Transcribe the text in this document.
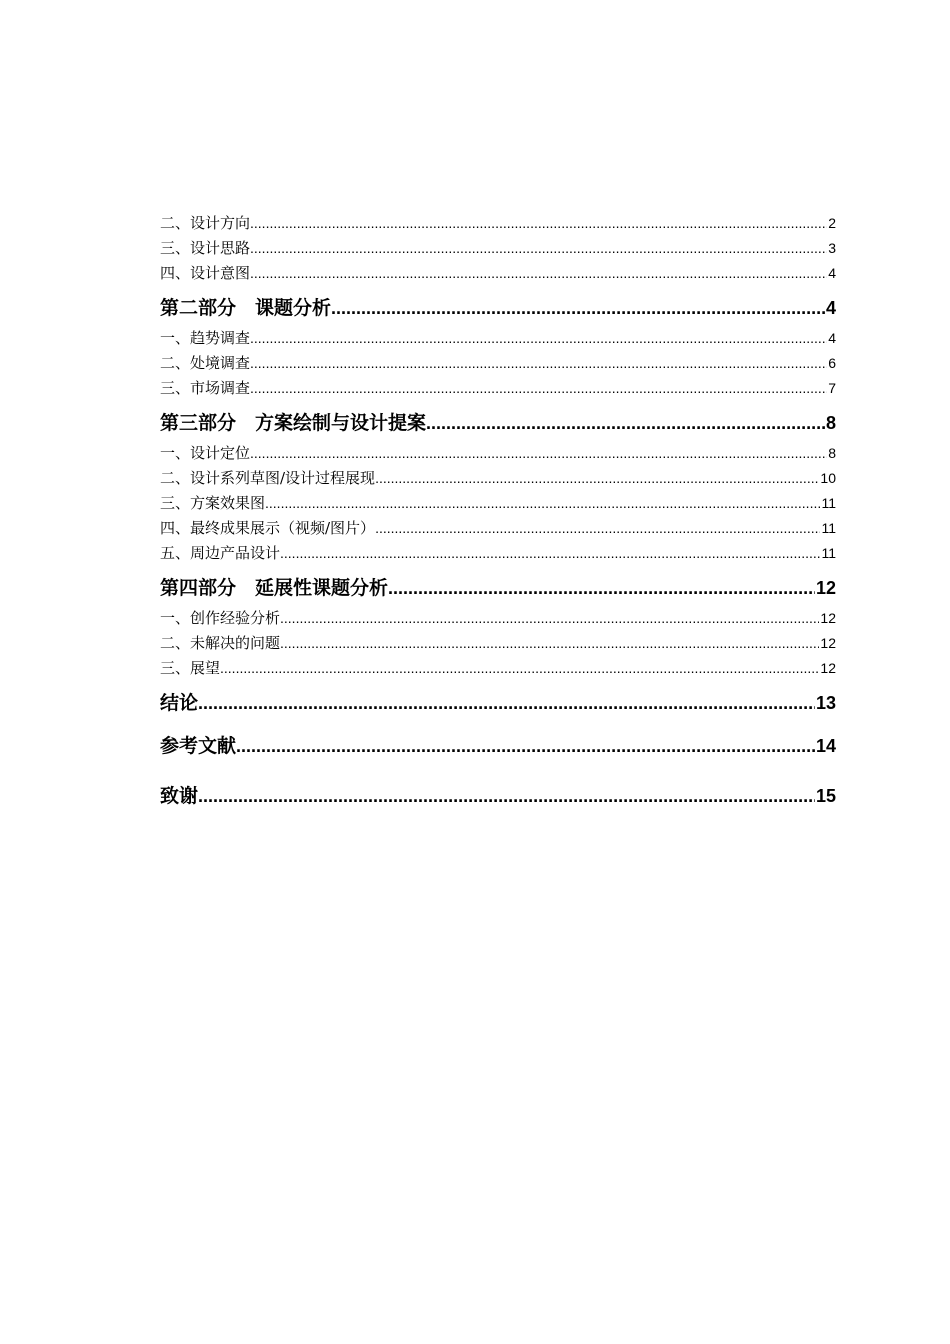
二、设计方向 .....	2
三、设计思路 .....	3
四、设计意图 .....	4
第二部分　课题分析 .....	4
一、趋势调查 .....	4
二、处境调查 .....	6
三、市场调查 .....	7
第三部分　方案绘制与设计提案 .....	8
一、设计定位 .....	8
二、设计系列草图/设计过程展现 .....	10
三、方案效果图 .....	11
四、最终成果展示（视频/图片） .....	11
五、周边产品设计 .....	11
第四部分　延展性课题分析 .....	12
一、创作经验分析 .....	12
二、未解决的问题 .....	12
三、展望 .....	12
结论 .....	13
参考文献 .....	14
致谢 .....	15
